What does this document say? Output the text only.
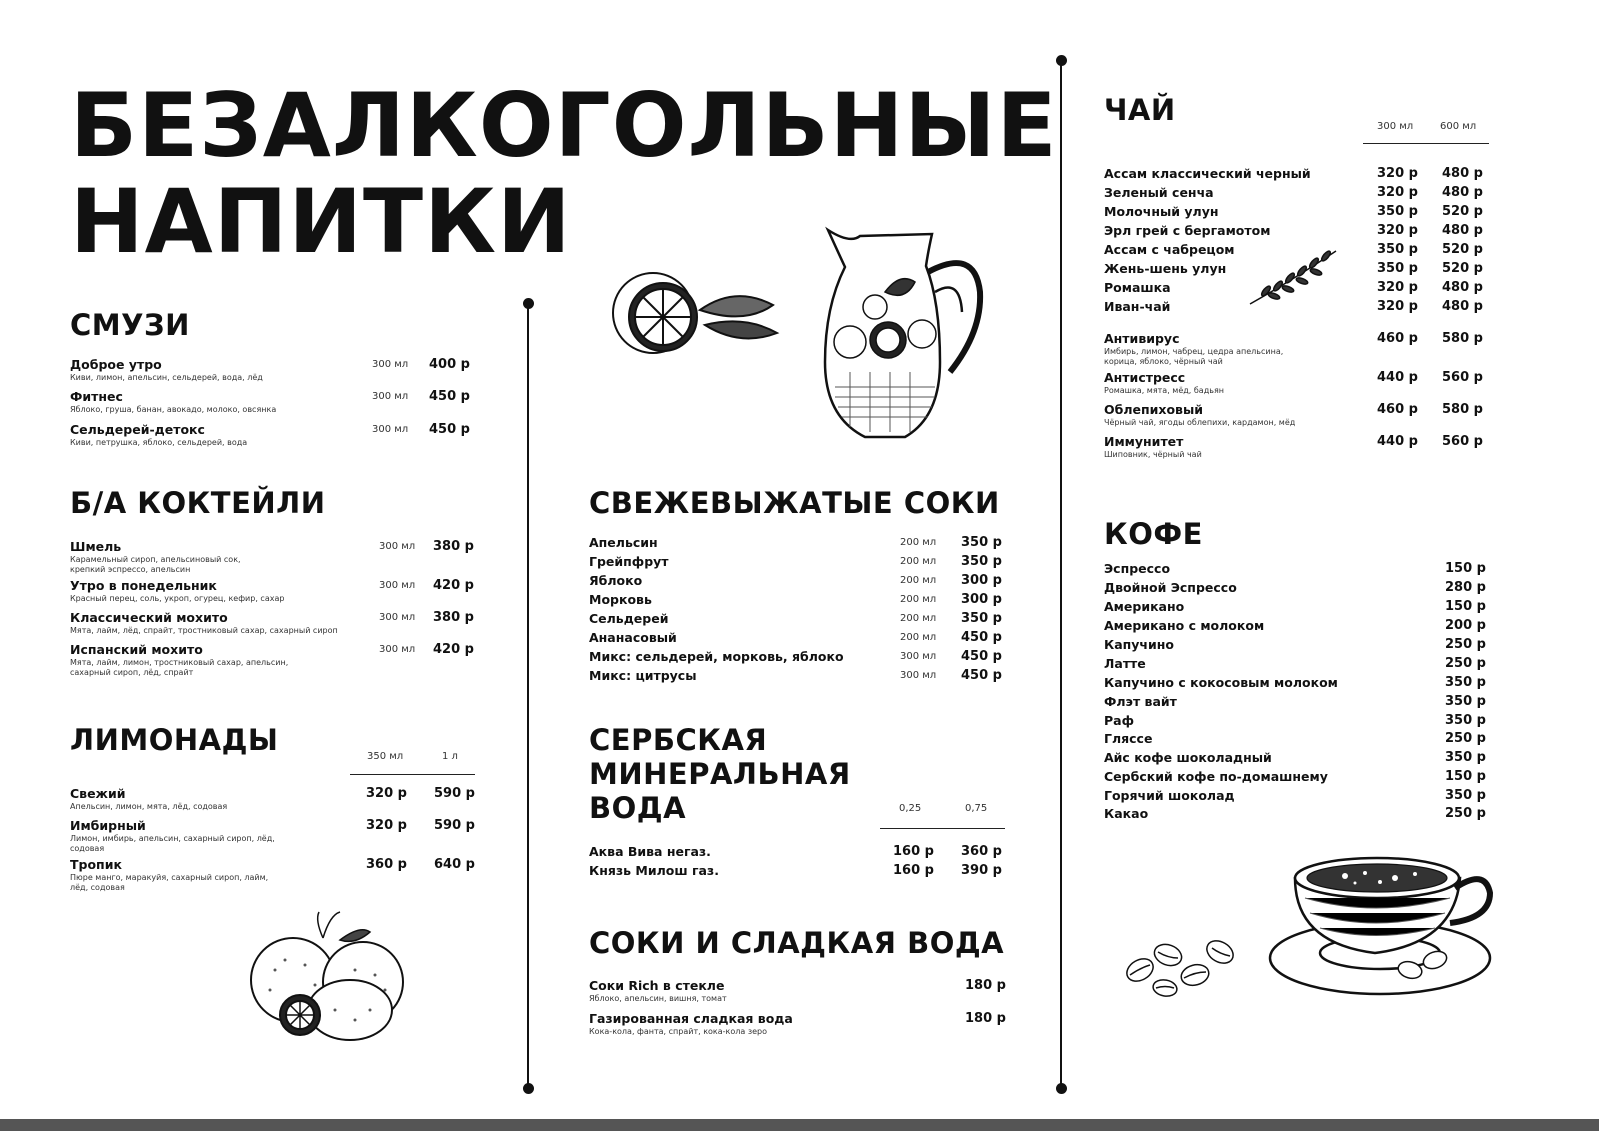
БЕЗАЛКОГОЛЬНЫЕ НАПИТКИ
СМУЗИ
Доброе утро
Киви, лимон, апельсин, сельдерей, вода, лёд
300 мл 400 р
Фитнес
Яблоко, груша, банан, авокадо, молоко, овсянка
300 мл 450 р
Сельдерей-детокс
Киви, петрушка, яблоко, сельдерей, вода
300 мл 450 р
Б/А КОКТЕЙЛИ
Шмель
Карамельный сироп, апельсиновый сок, крепкий эспрессо, апельсин
300 мл 380 р
Утро в понедельник
Красный перец, соль, укроп, огурец, кефир, сахар
300 мл 420 р
Классический мохито
Мята, лайм, лёд, спрайт, тростниковый сахар, сахарный сироп
300 мл 380 р
Испанский мохито
Мята, лайм, лимон, тростниковый сахар, апельсин, сахарный сироп, лёд, спрайт
300 мл 420 р
ЛИМОНАДЫ	350 мл	1 л
Свежий
Апельсин, лимон, мята, лёд, содовая
320 р 590 р
Имбирный
Лимон, имбирь, апельсин, сахарный сироп, лёд, содовая
320 р 590 р
Тропик
Пюре манго, маракуйя, сахарный сироп, лайм, лёд, содовая
360 р 640 р
СВЕЖЕВЫЖАТЫЕ СОКИ
Апельсин	200 мл 350 р
Грейпфрут	200 мл 350 р
Яблоко	200 мл 300 р
Морковь	200 мл 300 р
Сельдерей	200 мл 350 р
Ананасовый	200 мл 450 р
Микс: сельдерей, морковь, яблоко	300 мл 450 р
Микс: цитрусы	300 мл 450 р
СЕРБСКАЯ МИНЕРАЛЬНАЯ ВОДА	0,25	0,75
Аква Вива негаз.	160 р 360 р
Князь Милош газ.	160 р 390 р
СОКИ И СЛАДКАЯ ВОДА
Соки Rich в стекле
Яблоко, апельсин, вишня, томат
180 р
Газированная сладкая вода
Кока-кола, фанта, спрайт, кока-кола зеро
180 р
ЧАЙ	300 мл	600 мл
Ассам классический черный	320 р 480 р
Зеленый сенча	320 р 480 р
Молочный улун	350 р 520 р
Эрл грей с бергамотом	320 р 480 р
Ассам с чабрецом	350 р 520 р
Жень-шень улун	350 р 520 р
Ромашка	320 р 480 р
Иван-чай	320 р 480 р
Антивирус
Имбирь, лимон, чабрец, цедра апельсина, корица, яблоко, чёрный чай
460 р 580 р
Антистресс
Ромашка, мята, мёд, бадьян
440 р 560 р
Облепиховый
Чёрный чай, ягоды облепихи, кардамон, мёд
460 р 580 р
Иммунитет
Шиповник, чёрный чай
440 р 560 р
КОФЕ
Эспрессо	150 р
Двойной Эспрессо	280 р
Американо	150 р
Американо с молоком	200 р
Капучино	250 р
Латте	250 р
Капучино с кокосовым молоком	350 р
Флэт вайт	350 р
Раф	350 р
Гляссе	250 р
Айс кофе шоколадный	350 р
Сербский кофе по-домашнему	150 р
Горячий шоколад	350 р
Какао	250 р
